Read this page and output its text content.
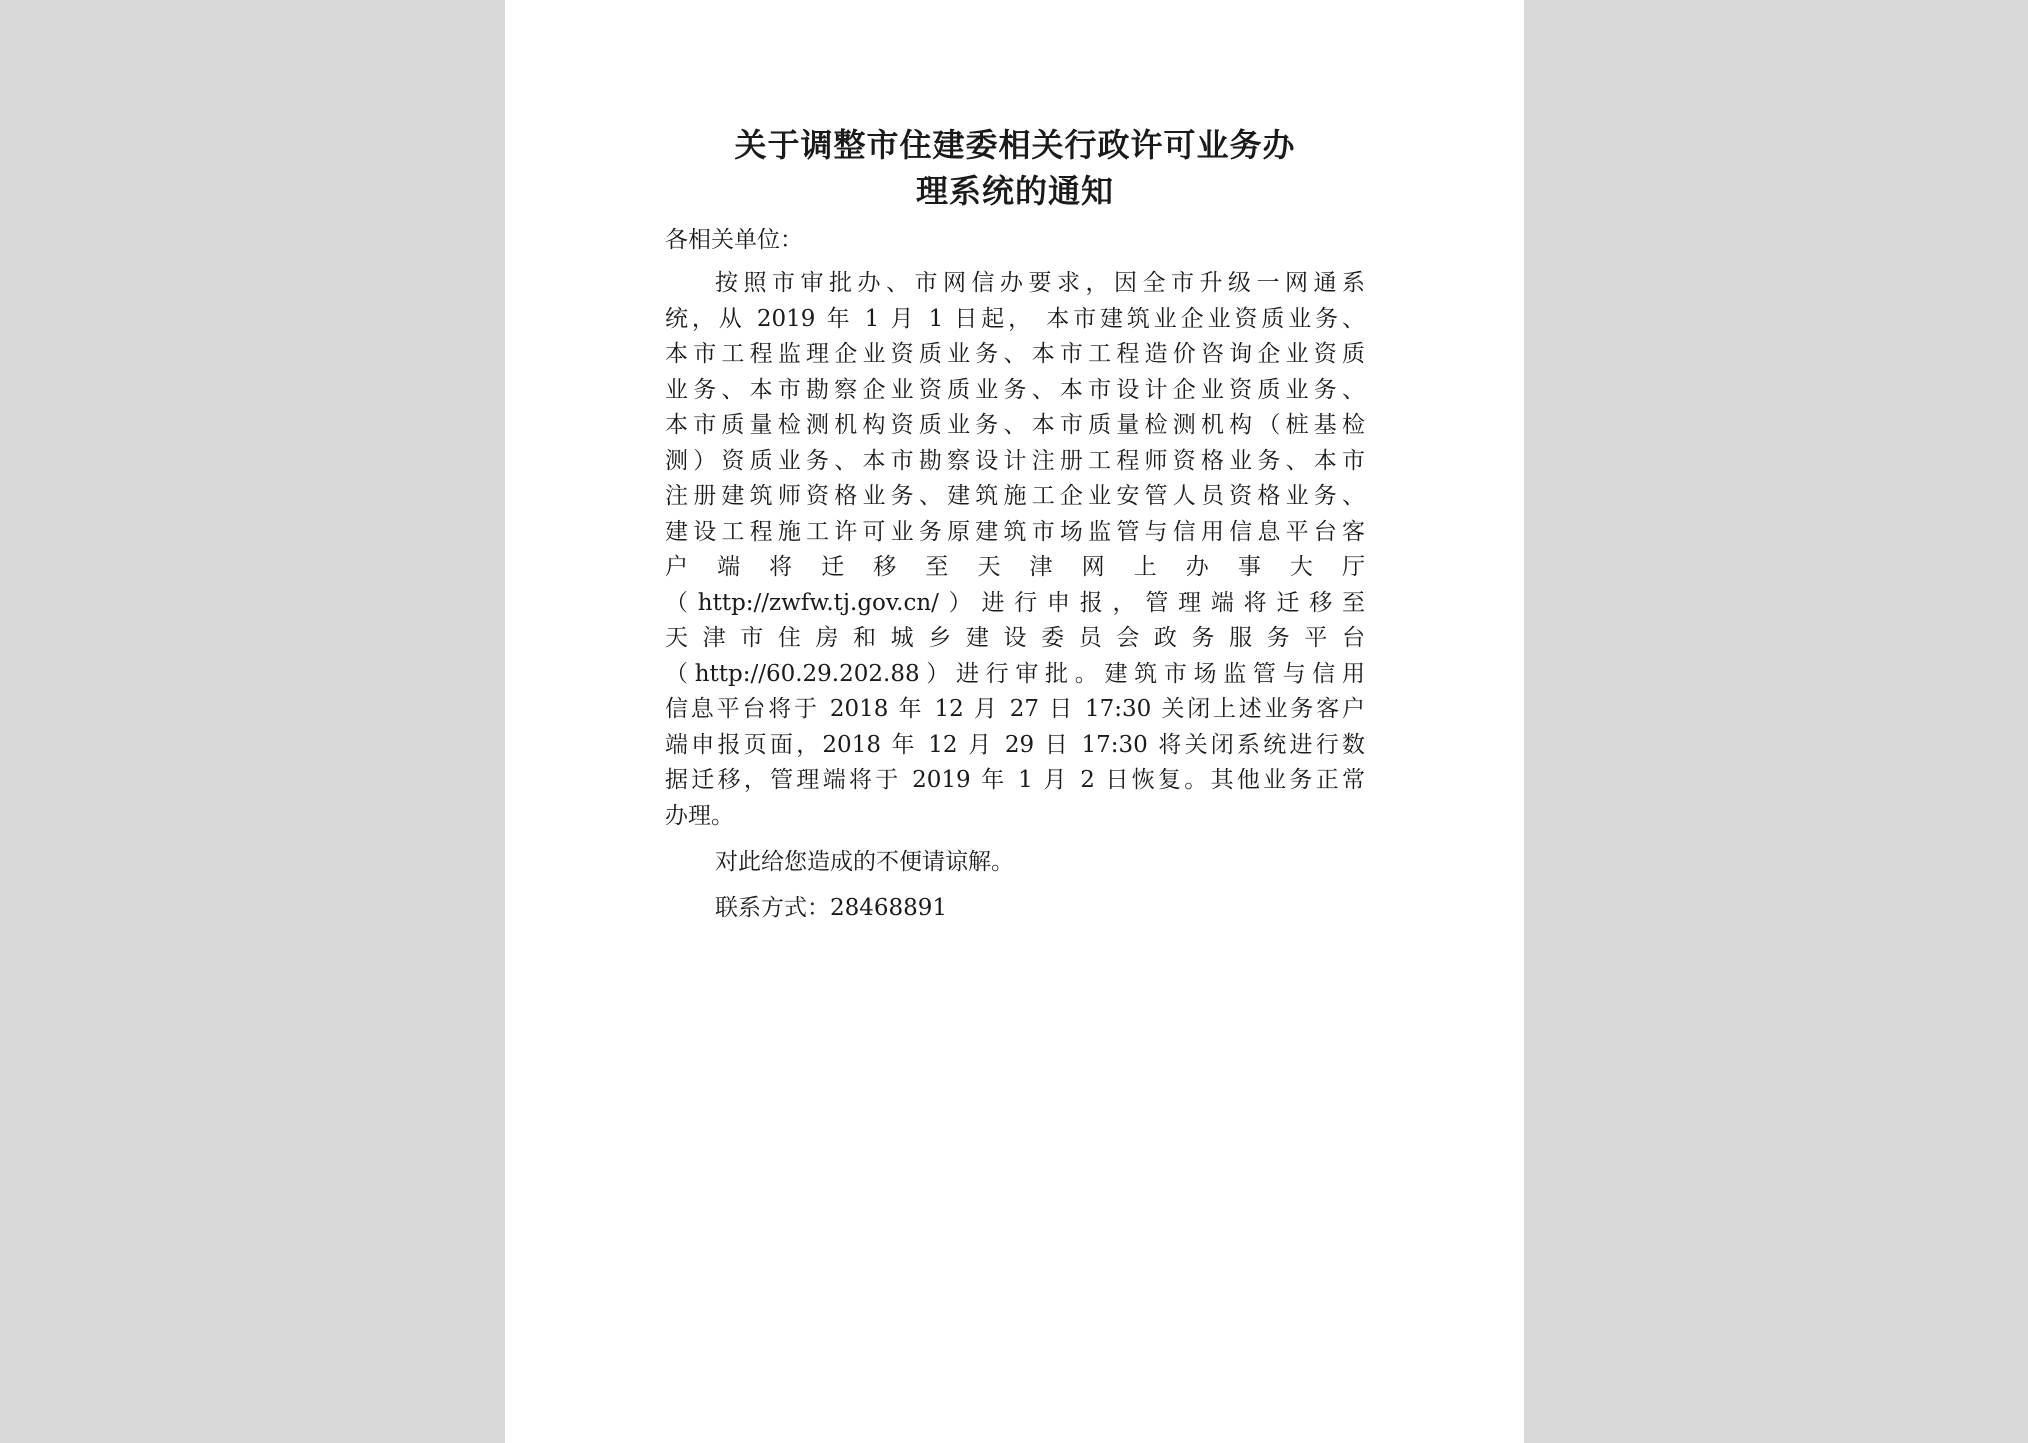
关于调整市住建委相关行政许可业务办
理系统的通知

各相关单位：

按照市审批办、市网信办要求，因全市升级一网通系

统，从 2019 年 1 月 1 日起， 本市建筑业企业资质业务、

本市工程监理企业资质业务、本市工程造价咨询企业资质

业务、本市勘察企业资质业务、本市设计企业资质业务、

本市质量检测机构资质业务、本市质量检测机构（桩基检

测）资质业务、本市勘察设计注册工程师资格业务、本市

注册建筑师资格业务、建筑施工企业安管人员资格业务、

建设工程施工许可业务原建筑市场监管与信用信息平台客

户 端 将 迁 移 至 天 津 网 上 办 事 大 厅

（http://zwfw.tj.gov.cn/）进行申报，管理端将迁移至

天 津 市 住 房 和 城 乡 建 设 委 员 会 政 务 服 务 平 台

（http://60.29.202.88）进行审批。建筑市场监管与信用

信息平台将于 2018 年 12 月 27 日 17:30 关闭上述业务客户

端申报页面，2018 年 12 月 29 日 17:30 将关闭系统进行数

据迁移，管理端将于 2019 年 1 月 2 日恢复。其他业务正常

办理。

对此给您造成的不便请谅解。

联系方式：28468891
